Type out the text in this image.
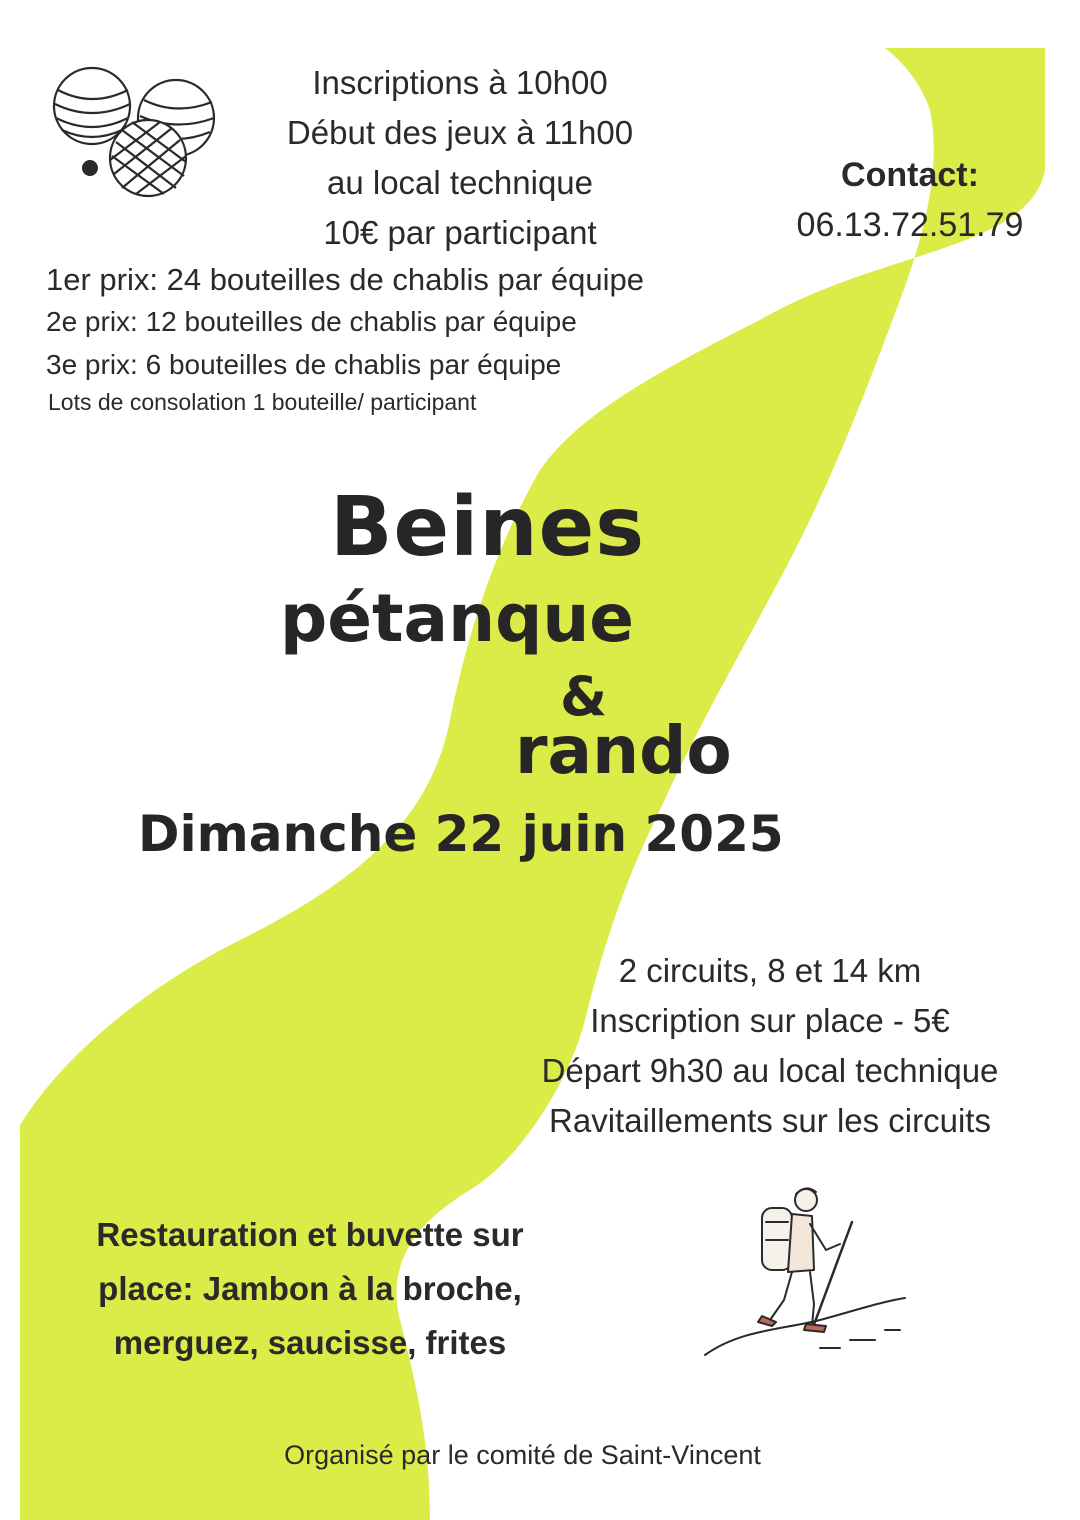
Inscriptions à 10h00
Début des jeux à 11h00
au local technique
10€ par participant
Contact:
06.13.72.51.79
1er prix: 24 bouteilles de chablis par équipe
2e prix: 12 bouteilles de chablis par équipe
3e prix: 6 bouteilles de chablis par équipe
Lots de consolation 1 bouteille/ participant
Beines
pétanque
&
rando
Dimanche 22 juin 2025
2 circuits, 8 et 14 km
Inscription sur place - 5€
Départ 9h30 au local technique
Ravitaillements sur les circuits
Restauration et buvette sur
place: Jambon à la broche,
merguez, saucisse, frites
Organisé par le comité de Saint-Vincent
